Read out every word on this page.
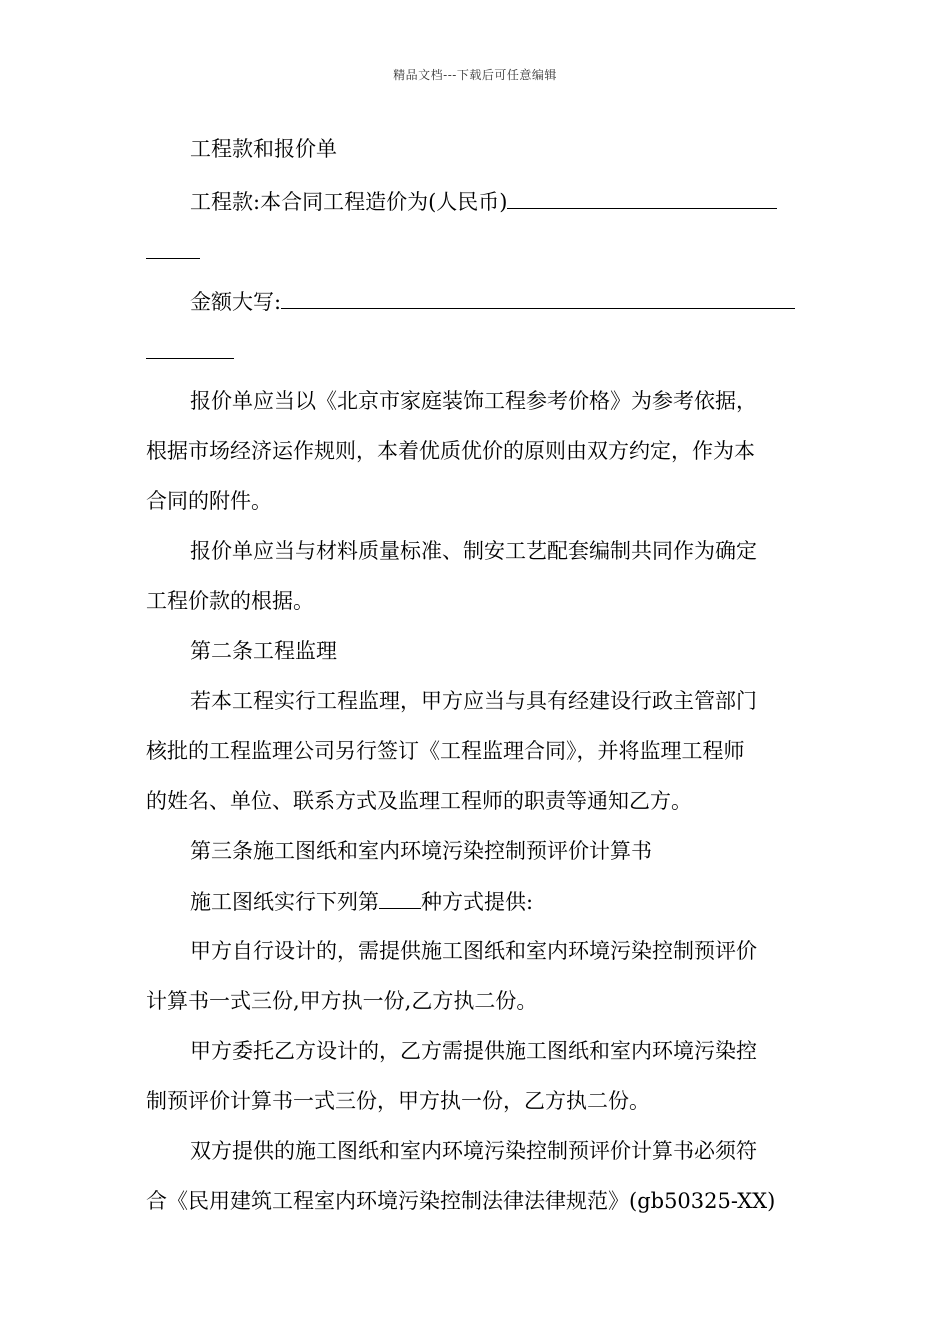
精品文档---下载后可任意编辑
工程款和报价单
工程款:本合同工程造价为(人民币)
金额大写:
报价单应当以《北京市家庭装饰工程参考价格》为参考依据，
根据市场经济运作规则，本着优质优价的原则由双方约定，作为本
合同的附件。
报价单应当与材料质量标准、制安工艺配套编制共同作为确定
工程价款的根据。
第二条工程监理
若本工程实行工程监理，甲方应当与具有经建设行政主管部门
核批的工程监理公司另行签订《工程监理合同》，并将监理工程师
的姓名、单位、联系方式及监理工程师的职责等通知乙方。
第三条施工图纸和室内环境污染控制预评价计算书
施工图纸实行下列第 种方式提供:
甲方自行设计的，需提供施工图纸和室内环境污染控制预评价
计算书一式三份,甲方执一份,乙方执二份。
甲方委托乙方设计的，乙方需提供施工图纸和室内环境污染控
制预评价计算书一式三份，甲方执一份，乙方执二份。
双方提供的施工图纸和室内环境污染控制预评价计算书必须符
合《民用建筑工程室内环境污染控制法律法律规范》(gb50325-XX)
